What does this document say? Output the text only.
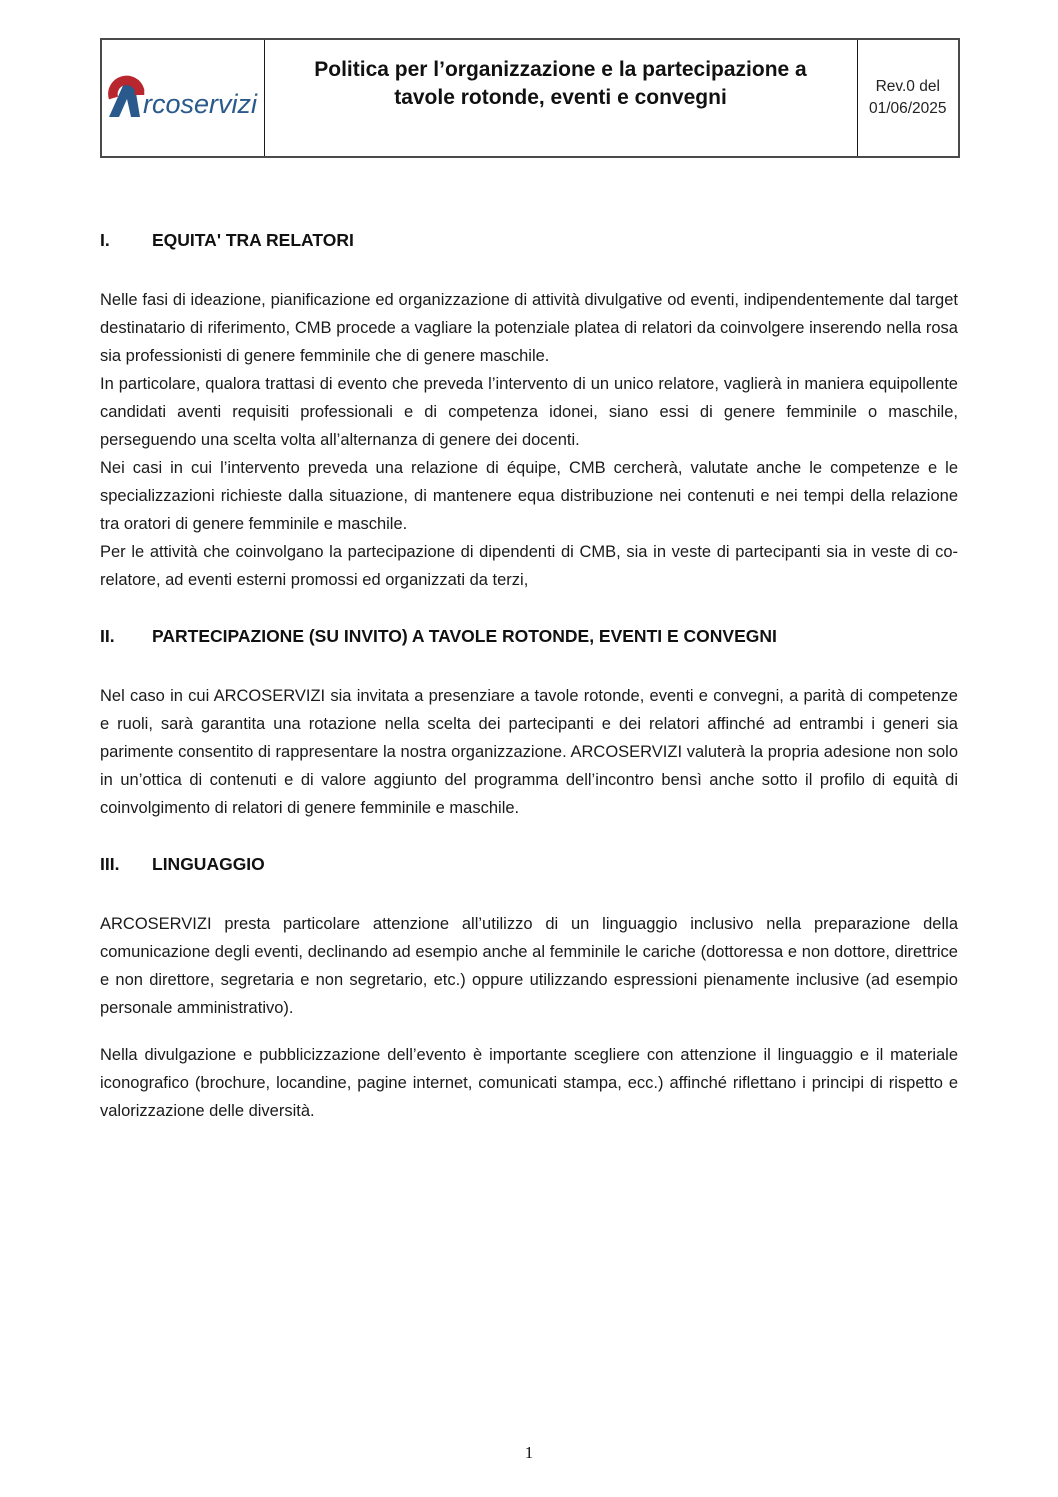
rcoservizi
	Politica per l’organizzazione e la partecipazione a tavole rotonde, eventi e convegni	Rev.0 del
01/06/2025
I.	EQUITA' TRA RELATORI

Nelle fasi di ideazione, pianificazione ed organizzazione di attività divulgative od eventi, indipendentemente dal target destinatario di riferimento, CMB procede a vagliare la potenziale platea di relatori da coinvolgere inserendo nella rosa sia professionisti di genere femminile che di genere maschile.

In particolare, qualora trattasi di evento che preveda l’intervento di un unico relatore, vaglierà in maniera equipollente candidati aventi requisiti professionali e di competenza idonei, siano essi di genere femminile o maschile, perseguendo una scelta volta all’alternanza di genere dei docenti.

Nei casi in cui l’intervento preveda una relazione di équipe, CMB cercherà, valutate anche le competenze e le specializzazioni richieste dalla situazione, di mantenere equa distribuzione nei contenuti e nei tempi della relazione tra oratori di genere femminile e maschile.

Per le attività che coinvolgano la partecipazione di dipendenti di CMB, sia in veste di partecipanti sia in veste di co-relatore, ad eventi esterni promossi ed organizzati da terzi,

II.	PARTECIPAZIONE (SU INVITO) A TAVOLE ROTONDE, EVENTI E CONVEGNI

Nel caso in cui ARCOSERVIZI sia invitata a presenziare a tavole rotonde, eventi e convegni, a parità di competenze e ruoli, sarà garantita una rotazione nella scelta dei partecipanti e dei relatori affinché ad entrambi i generi sia parimente consentito di rappresentare la nostra organizzazione. ARCOSERVIZI valuterà la propria adesione non solo in un’ottica di contenuti e di valore aggiunto del programma dell’incontro bensì anche sotto il profilo di equità di coinvolgimento di relatori di genere femminile e maschile.

III.	LINGUAGGIO

ARCOSERVIZI presta particolare attenzione all’utilizzo di un linguaggio inclusivo nella preparazione della comunicazione degli eventi, declinando ad esempio anche al femminile le cariche (dottoressa e non dottore, direttrice e non direttore, segretaria e non segretario, etc.) oppure utilizzando espressioni pienamente inclusive (ad esempio personale amministrativo).

Nella divulgazione e pubblicizzazione dell’evento è importante scegliere con attenzione il linguaggio e il materiale iconografico (brochure, locandine, pagine internet, comunicati stampa, ecc.) affinché riflettano i principi di rispetto e valorizzazione delle diversità.

1
